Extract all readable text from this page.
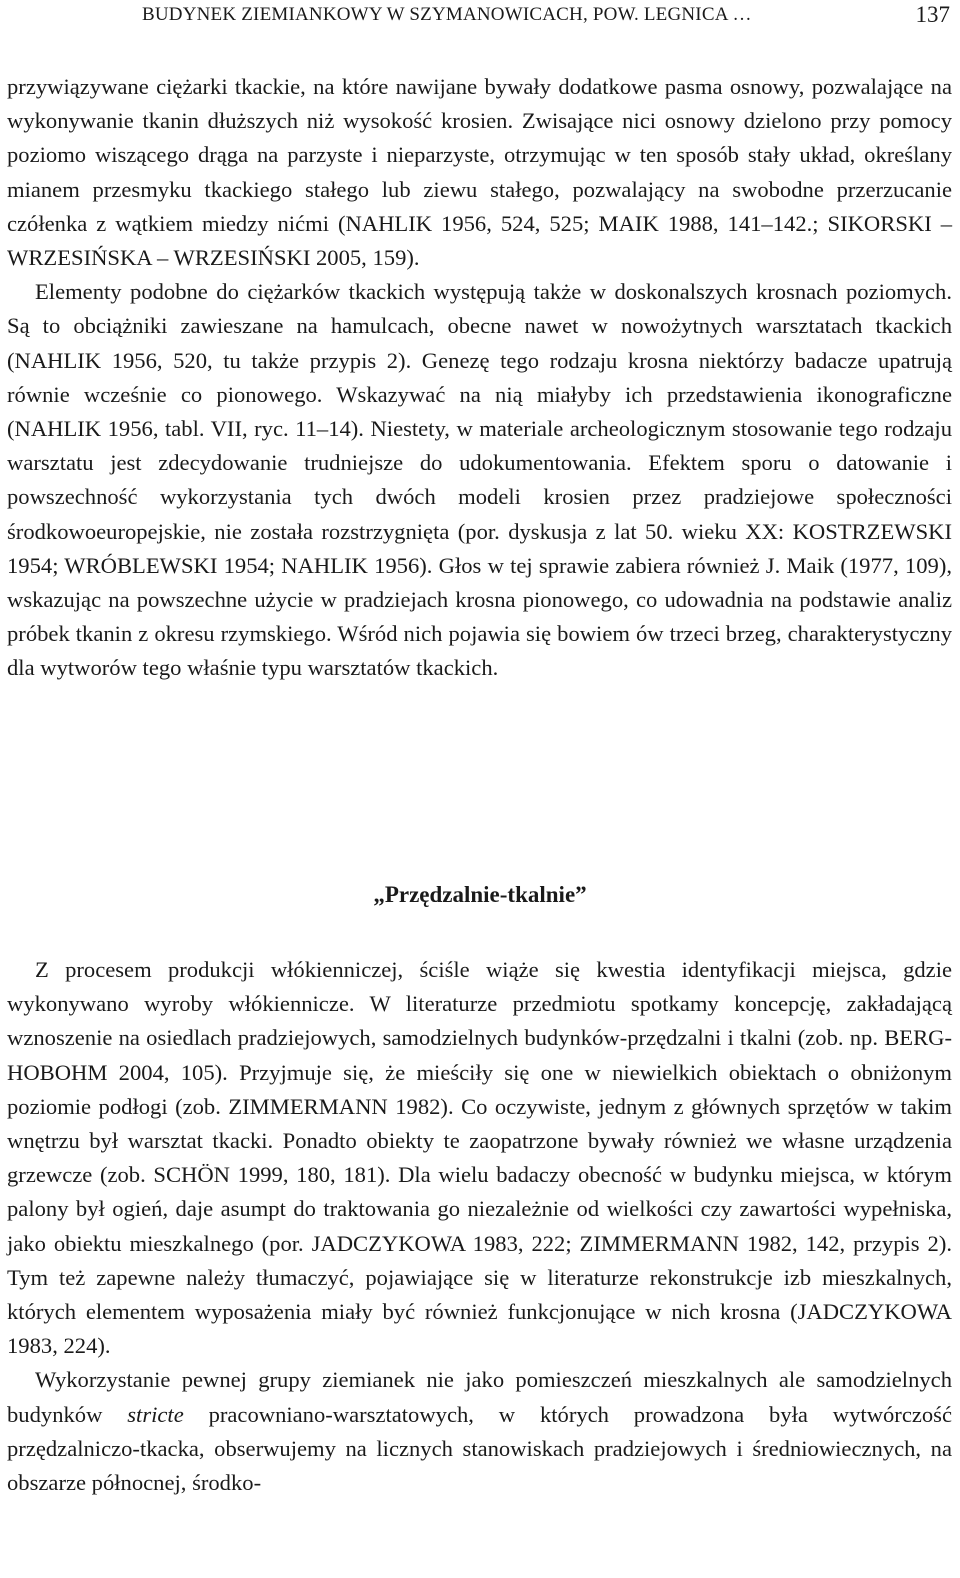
BUDYNEK ZIEMIANKOWY W SZYMANOWICACH, POW. LEGNICA …	137

przywiązywane ciężarki tkackie, na które nawijane bywały dodatkowe pasma osnowy, pozwalające na wykonywanie tkanin dłuższych niż wysokość krosien. Zwisające nici osnowy dzielono przy pomocy poziomo wiszącego drąga na parzyste i nieparzyste, otrzymując w ten sposób stały układ, określany mianem przesmyku tkackiego stałego lub ziewu stałego, pozwalający na swobodne przerzucanie czółenka z wątkiem miedzy nićmi (NAHLIK 1956, 524, 525; MAIK 1988, 141–142.; SIKORSKI – WRZESIŃSKA – WRZESIŃSKI 2005, 159).

Elementy podobne do ciężarków tkackich występują także w doskonalszych krosnach poziomych. Są to obciążniki zawieszane na hamulcach, obecne nawet w nowożytnych warsztatach tkackich (NAHLIK 1956, 520, tu także przypis 2). Genezę tego rodzaju krosna niektórzy badacze upatrują równie wcześnie co pionowego. Wskazywać na nią miałyby ich przedstawienia ikonograficzne (NAHLIK 1956, tabl. VII, ryc. 11–14). Niestety, w materiale archeologicznym stosowanie tego rodzaju warsztatu jest zdecydowanie trudniejsze do udokumentowania. Efektem sporu o datowanie i powszechność wykorzystania tych dwóch modeli krosien przez pradziejowe społeczności środkowoeuropejskie, nie została rozstrzygnięta (por. dyskusja z lat 50. wieku XX: KOSTRZEWSKI 1954; WRÓBLEWSKI 1954; NAHLIK 1956). Głos w tej sprawie zabiera również J. Maik (1977, 109), wskazując na powszechne użycie w pradziejach krosna pionowego, co udowadnia na podstawie analiz próbek tkanin z okresu rzymskiego. Wśród nich pojawia się bowiem ów trzeci brzeg, charakterystyczny dla wytworów tego właśnie typu warsztatów tkackich.

„Przędzalnie-tkalnie”

Z procesem produkcji włókienniczej, ściśle wiąże się kwestia identyfikacji miejsca, gdzie wykonywano wyroby włókiennicze. W literaturze przedmiotu spotkamy koncepcję, zakładającą wznoszenie na osiedlach pradziejowych, samodzielnych budynków-przędzalni i tkalni (zob. np. BERG-HOBOHM 2004, 105). Przyjmuje się, że mieściły się one w niewielkich obiektach o obniżonym poziomie podłogi (zob. ZIMMERMANN 1982). Co oczywiste, jednym z głównych sprzętów w takim wnętrzu był warsztat tkacki. Ponadto obiekty te zaopatrzone bywały również we własne urządzenia grzewcze (zob. SCHÖN 1999, 180, 181). Dla wielu badaczy obecność w budynku miejsca, w którym palony był ogień, daje asumpt do traktowania go niezależnie od wielkości czy zawartości wypełniska, jako obiektu mieszkalnego (por. JADCZYKOWA 1983, 222; ZIMMERMANN 1982, 142, przypis 2). Tym też zapewne należy tłumaczyć, pojawiające się w literaturze rekonstrukcje izb mieszkalnych, których elementem wyposażenia miały być również funkcjonujące w nich krosna (JADCZYKOWA 1983, 224).

Wykorzystanie pewnej grupy ziemianek nie jako pomieszczeń mieszkalnych ale samodzielnych budynków stricte pracowniano-warsztatowych, w których prowadzona była wytwórczość przędzalniczo-tkacka, obserwujemy na licznych stanowiskach pradziejowych i średniowiecznych, na obszarze północnej, środko-
